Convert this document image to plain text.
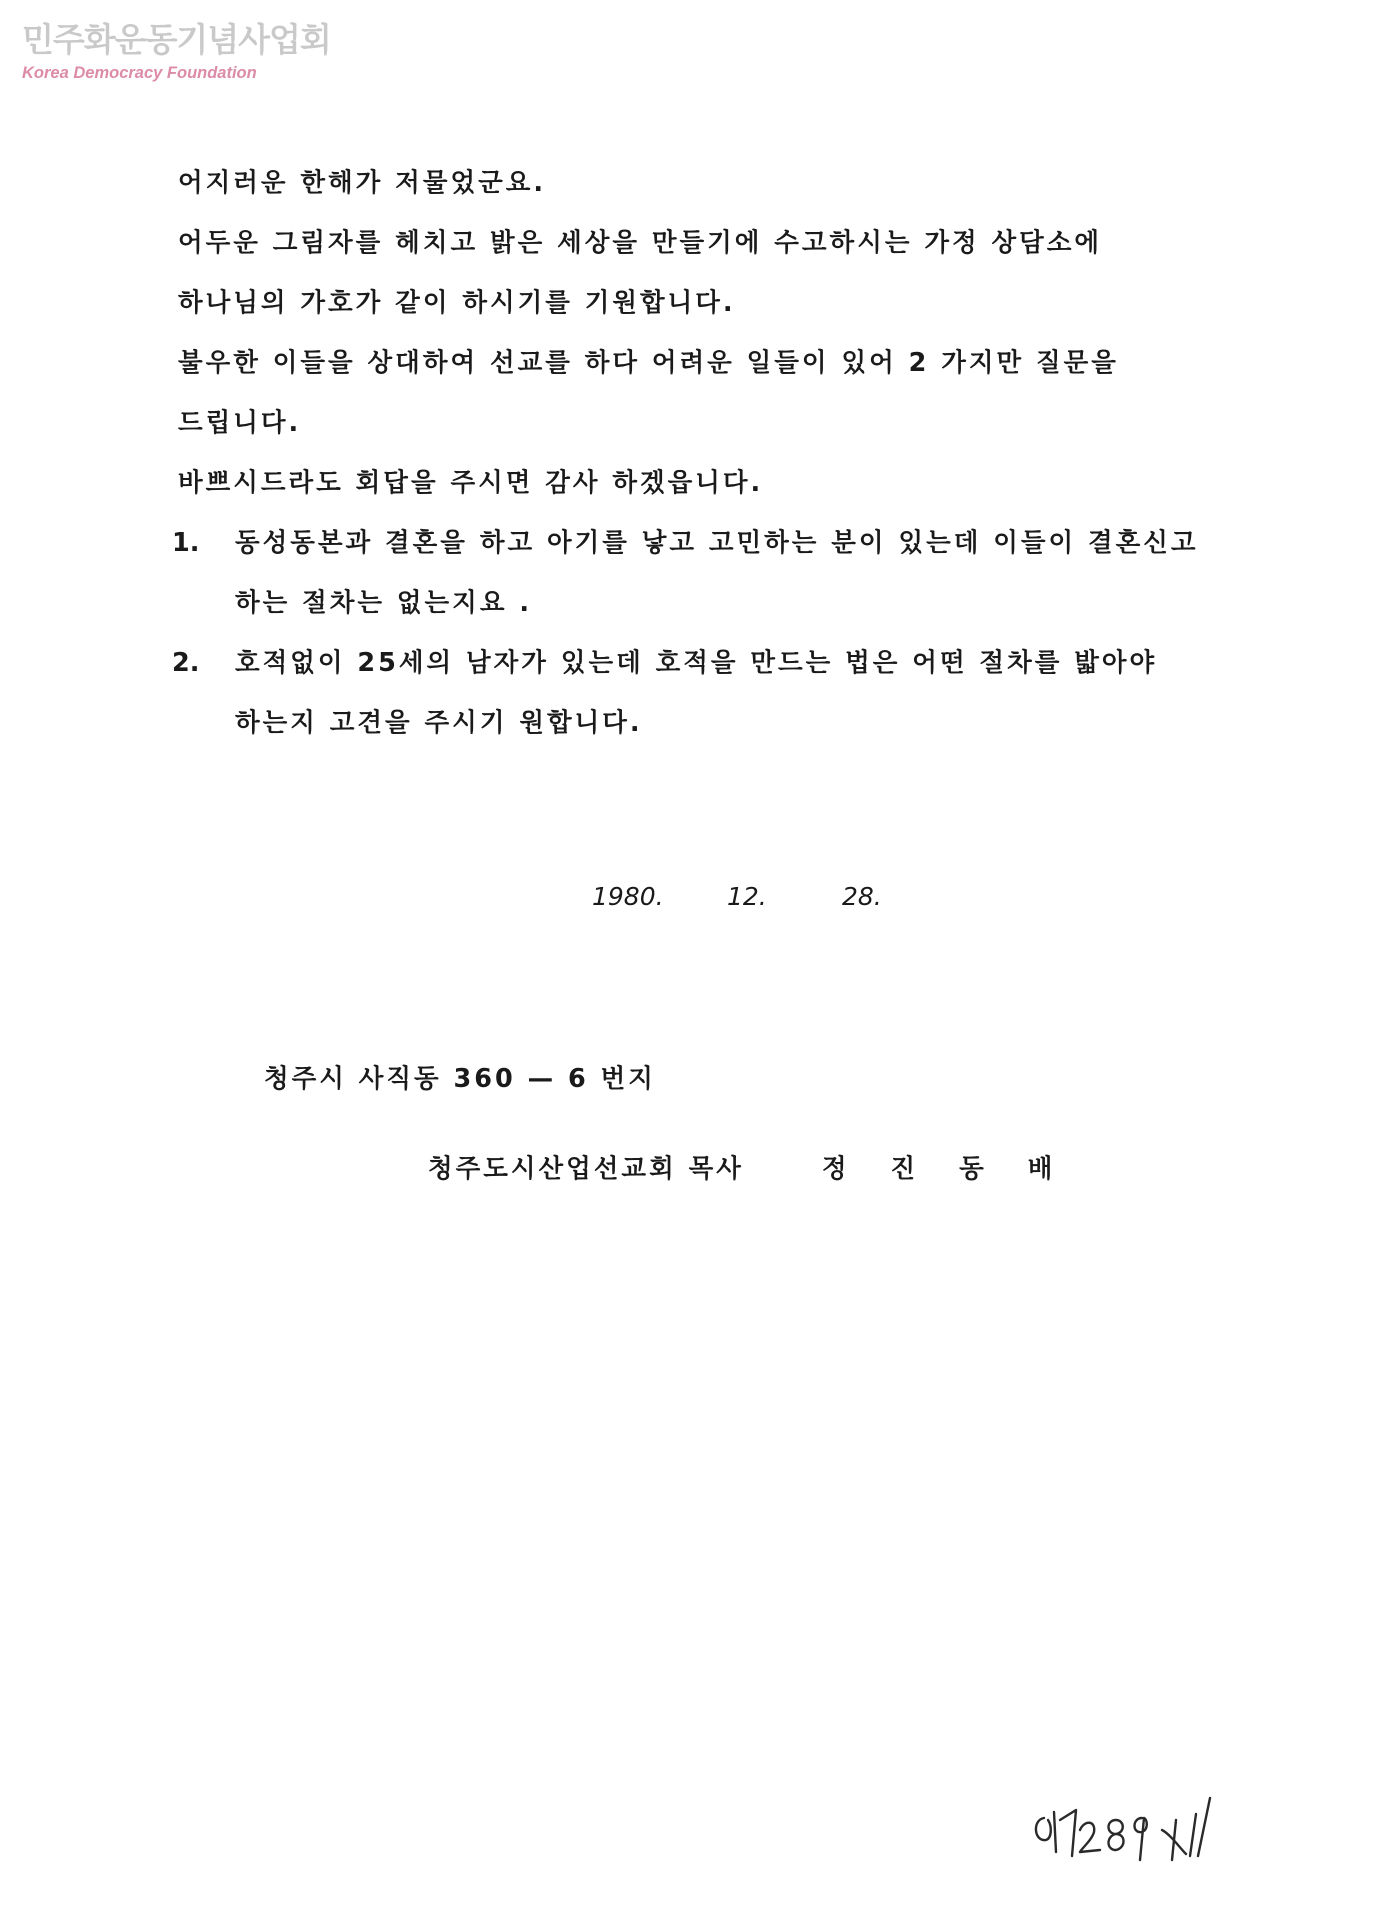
민주화운동기념사업회
Korea Democracy Foundation
어지러운 한해가 저물었군요.
어두운 그림자를 헤치고 밝은 세상을 만들기에 수고하시는 가정 상담소에
하나님의 가호가 같이 하시기를 기원합니다.
불우한 이들을 상대하여 선교를 하다 어려운 일들이 있어 2 가지만 질문을
드립니다.
바쁘시드라도 회답을 주시면 감사 하겠읍니다.
1. 동성동본과 결혼을 하고 아기를 낳고 고민하는 분이 있는데 이들이 결혼신고
하는 절차는 없는지요 .
2. 호적없이 25세의 남자가 있는데 호적을 만드는 법은 어떤 절차를 밟아야
하는지 고견을 주시기 원합니다.
1980.	12.	28.
청주시 사직동 360 — 6 번지
청주도시산업선교회 목사	정진동배
